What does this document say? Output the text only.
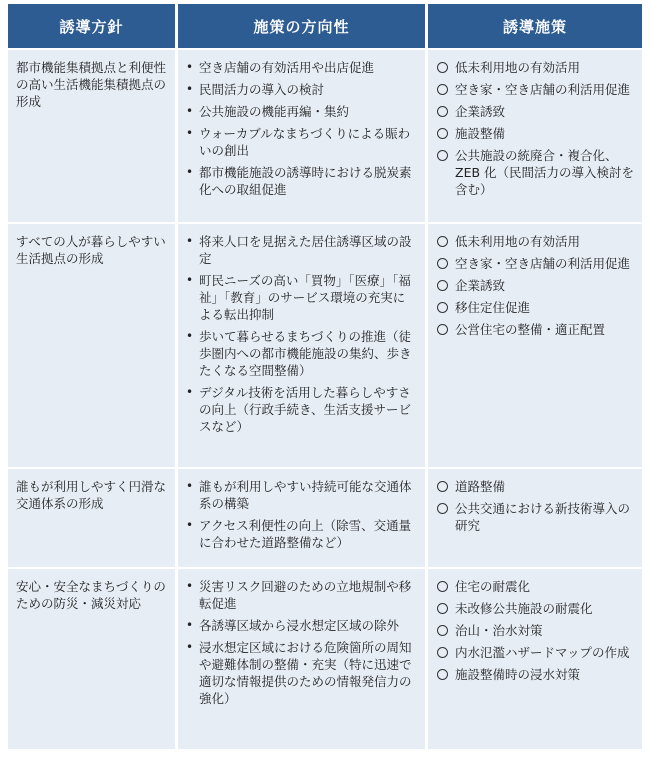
誘導方針	施策の方向性	誘導施策
都市機能集積拠点と利便性の高い生活機能集積拠点の形成
• 空き店舗の有効活用や出店促進
• 民間活力の導入の検討
• 公共施設の機能再編・集約
• ウォーカブルなまちづくりによる賑わいの創出
• 都市機能施設の誘導時における脱炭素化への取組促進
低未利用地の有効活用
空き家・空き店舗の利活用促進
企業誘致
施設整備
公共施設の統廃合・複合化、ZEB 化（民間活力の導入検討を含む）
すべての人が暮らしやすい生活拠点の形成
• 将来人口を見据えた居住誘導区域の設定
• 町民ニーズの高い「買物」「医療」「福祉」「教育」のサービス環境の充実による転出抑制
• 歩いて暮らせるまちづくりの推進（徒歩圏内への都市機能施設の集約、歩きたくなる空間整備）
• デジタル技術を活用した暮らしやすさの向上（行政手続き、生活支援サービスなど）
低未利用地の有効活用
空き家・空き店舗の利活用促進
企業誘致
移住定住促進
公営住宅の整備・適正配置
誰もが利用しやすく円滑な交通体系の形成
• 誰もが利用しやすい持続可能な交通体系の構築
• アクセス利便性の向上（除雪、交通量に合わせた道路整備など）
道路整備
公共交通における新技術導入の研究
安心・安全なまちづくりのための防災・減災対応
• 災害リスク回避のための立地規制や移転促進
• 各誘導区域から浸水想定区域の除外
• 浸水想定区域における危険箇所の周知や避難体制の整備・充実（特に迅速で適切な情報提供のための情報発信力の強化）
住宅の耐震化
未改修公共施設の耐震化
治山・治水対策
内水氾濫ハザードマップの作成
施設整備時の浸水対策
